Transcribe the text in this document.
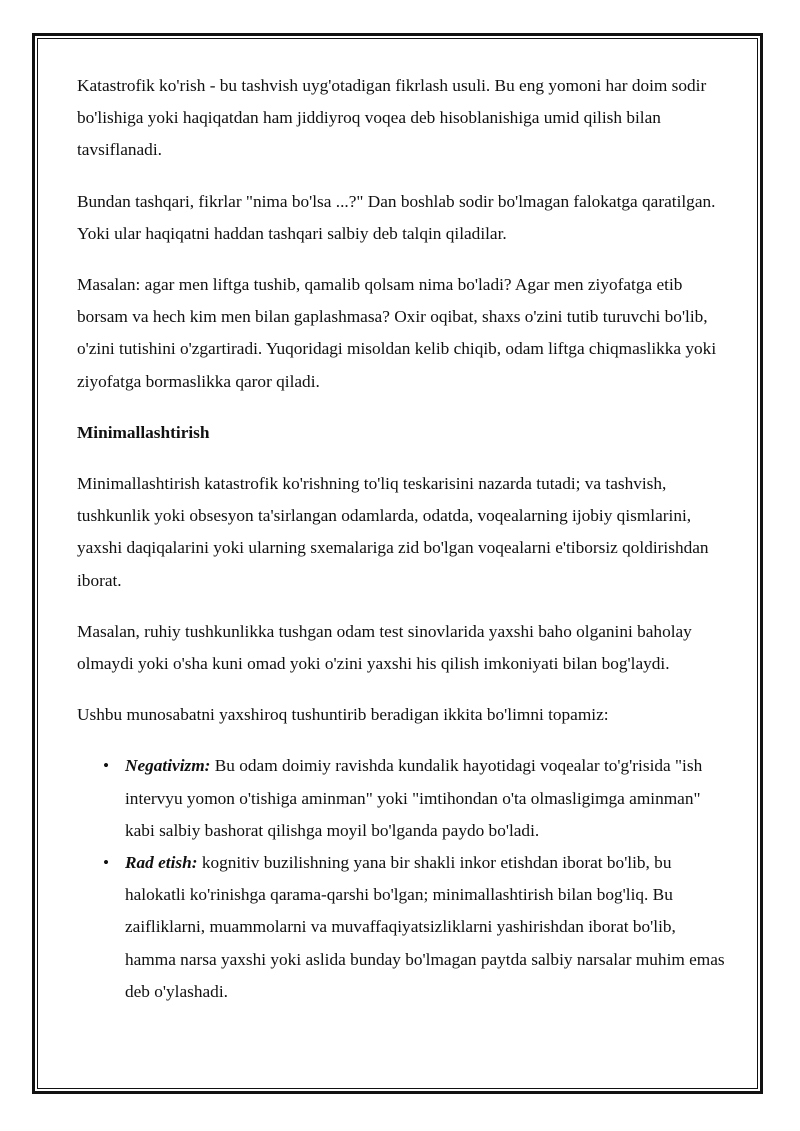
Katastrofik ko'rish - bu tashvish uyg'otadigan fikrlash usuli. Bu eng yomoni har doim sodir bo'lishiga yoki haqiqatdan ham jiddiyroq voqea deb hisoblanishiga umid qilish bilan tavsiflanadi.

Bundan tashqari, fikrlar "nima bo'lsa ...?" Dan boshlab sodir bo'lmagan falokatga qaratilgan. Yoki ular haqiqatni haddan tashqari salbiy deb talqin qiladilar.

Masalan: agar men liftga tushib, qamalib qolsam nima bo'ladi? Agar men ziyofatga etib borsam va hech kim men bilan gaplashmasa? Oxir oqibat, shaxs o'zini tutib turuvchi bo'lib, o'zini tutishini o'zgartiradi. Yuqoridagi misoldan kelib chiqib, odam liftga chiqmaslikka yoki ziyofatga bormaslikka qaror qiladi.

Minimallashtirish

Minimallashtirish katastrofik ko'rishning to'liq teskarisini nazarda tutadi; va tashvish, tushkunlik yoki obsesyon ta'sirlangan odamlarda, odatda, voqealarning ijobiy qismlarini, yaxshi daqiqalarini yoki ularning sxemalariga zid bo'lgan voqealarni e'tiborsiz qoldirishdan iborat.

Masalan, ruhiy tushkunlikka tushgan odam test sinovlarida yaxshi baho olganini baholay olmaydi yoki o'sha kuni omad yoki o'zini yaxshi his qilish imkoniyati bilan bog'laydi.

Ushbu munosabatni yaxshiroq tushuntirib beradigan ikkita bo'limni topamiz:

• Negativizm: Bu odam doimiy ravishda kundalik hayotidagi voqealar to'g'risida "ish intervyu yomon o'tishiga aminman" yoki "imtihondan o'ta olmasligimga aminman" kabi salbiy bashorat qilishga moyil bo'lganda paydo bo'ladi.
• Rad etish: kognitiv buzilishning yana bir shakli inkor etishdan iborat bo'lib, bu halokatli ko'rinishga qarama-qarshi bo'lgan; minimallashtirish bilan bog'liq. Bu zaifliklarni, muammolarni va muvaffaqiyatsizliklarni yashirishdan iborat bo'lib, hamma narsa yaxshi yoki aslida bunday bo'lmagan paytda salbiy narsalar muhim emas deb o'ylashadi.
